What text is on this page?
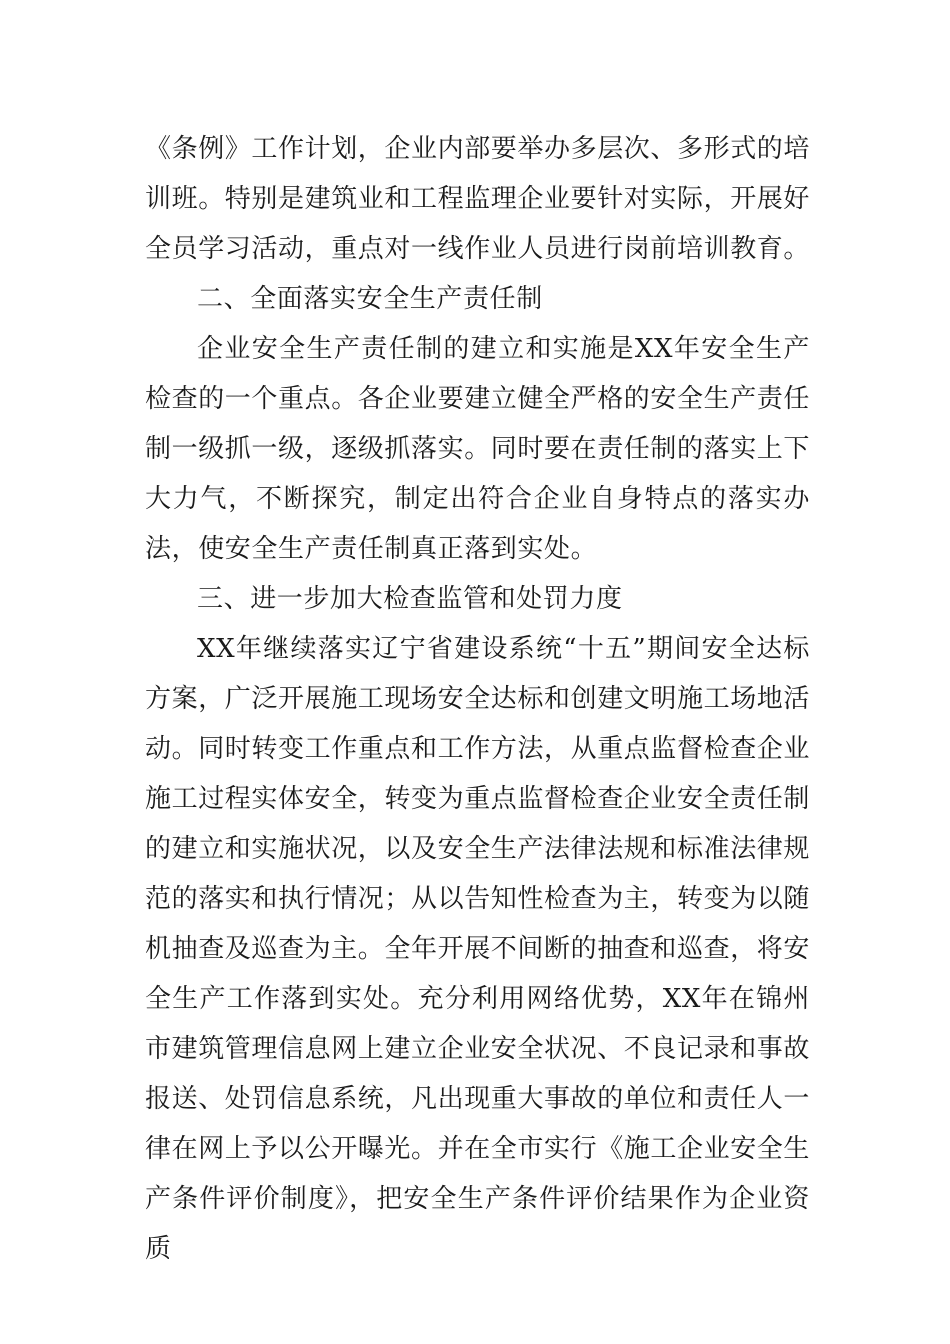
《条例》工作计划，企业内部要举办多层次、多形式的培训班。特别是建筑业和工程监理企业要针对实际，开展好全员学习活动，重点对一线作业人员进行岗前培训教育。

二、全面落实安全生产责任制

企业安全生产责任制的建立和实施是XX年安全生产检查的一个重点。各企业要建立健全严格的安全生产责任制一级抓一级，逐级抓落实。同时要在责任制的落实上下大力气，不断探究，制定出符合企业自身特点的落实办法，使安全生产责任制真正落到实处。

三、进一步加大检查监管和处罚力度

XX年继续落实辽宁省建设系统“十五”期间安全达标方案，广泛开展施工现场安全达标和创建文明施工场地活动。同时转变工作重点和工作方法，从重点监督检查企业施工过程实体安全，转变为重点监督检查企业安全责任制的建立和实施状况，以及安全生产法律法规和标准法律规范的落实和执行情况；从以告知性检查为主，转变为以随机抽查及巡查为主。全年开展不间断的抽查和巡查，将安全生产工作落到实处。充分利用网络优势，XX年在锦州市建筑管理信息网上建立企业安全状况、不良记录和事故报送、处罚信息系统，凡出现重大事故的单位和责任人一律在网上予以公开曝光。并在全市实行《施工企业安全生产条件评价制度》，把安全生产条件评价结果作为企业资质
